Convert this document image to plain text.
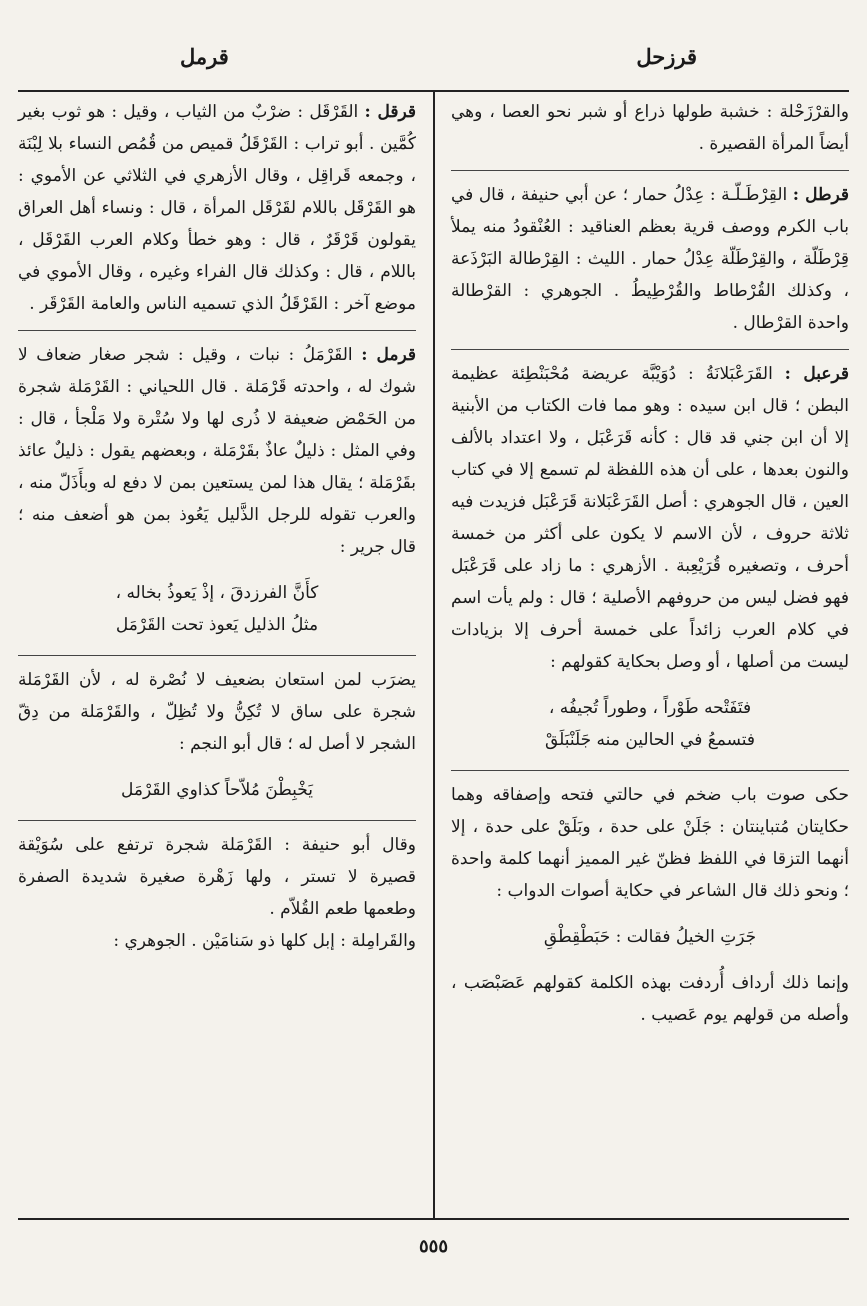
قرزحل
قرمل
والقرْزَحْلة : خشبة طولها ذراع أو شبر نحو العصا ، وهي أيضاً المرأة القصيرة .
قرطل : القِرْطَـلّـة : عِدْلُ حمار ؛ عن أبي حنيفة ، قال في باب الكرم ووصف قرية بعظم العناقيد : العُنْقودُ منه يملأ قِرْطَلّة ، والقِرْطَلّة عِدْلُ حمار . الليث : القِرْطالة البَرْذَعة ، وكذلك القُرْطاط والقُرْطِيطُ . الجوهري : القرْطالة واحدة القرْطال .
قرعبل : القَرَعْبَلانَةُ : دُوَيْبَّة عريضة مُحْبَنْطِئة عظيمة البطن ؛ قال ابن سيده : وهو مما فات الكتاب من الأبنية إلا أن ابن جني قد قال : كأنه قَرَعْبَل ، ولا اعتداد بالألف والنون بعدها ، على أن هذه اللفظة لم تسمع إلا في كتاب العين ، قال الجوهري : أصل القَرَعْبَلانة قَرَعْبَل فزيدت فيه ثلاثة حروف ، لأن الاسم لا يكون على أكثر من خمسة أحرف ، وتصغيره قُرَيْعِبة . الأزهري : ما زاد على قَرَعْبَل فهو فضل ليس من حروفهم الأصلية ؛ قال : ولم يأت اسم في كلام العرب زائداً على خمسة أحرف إلا بزيادات ليست من أصلها ، أو وصل بحكاية كقولهم :
فتَفَتْحه طَوْراً ، وطوراً تُجيفُه ،
فتسمعُ في الحالين منه جَلَنْبَلَقْ
حكى صوت باب ضخم في حالتي فتحه وإصفاقه وهما حكايتان مُتباينتان : جَلَنْ على حدة ، وبَلَقْ على حدة ، إلا أنهما التزقا في اللفظ فظنّ غير المميز أنهما كلمة واحدة ؛ ونحو ذلك قال الشاعر في حكاية أصوات الدواب :
جَرَتِ الخيلُ فقالت : حَبَطْقِطْقِ
وإنما ذلك أرداف أُردفت بهذه الكلمة كقولهم عَصَبْصَب ، وأصله من قولهم يوم عَصيب .
قرقل : القَرْقَل : ضرْبٌ من الثياب ، وقيل : هو ثوب بغير كُمَّين . أبو تراب : القَرْقَلُ قميص من قُمُص النساء بلا لِبْنَة ، وجمعه قَراقِل ، وقال الأزهري في الثلاثي عن الأموي : هو القَرْقَل باللام لقَرْقَل المرأة ، قال : ونساء أهل العراق يقولون قَرْقَرٌ ، قال : وهو خطأ وكلام العرب القَرْقَل ، باللام ، قال : وكذلك قال الفراء وغيره ، وقال الأموي في موضع آخر : القَرْقَلُ الذي تسميه الناس والعامة القَرْقَر .
قرمل : القَرْمَلُ : نبات ، وقيل : شجر صغار ضعاف لا شوك له ، واحدته قَرْمَلة . قال اللحياني : القَرْمَلة شجرة من الحَمْض ضعيفة لا ذُرى لها ولا سُتْرة ولا مَلْجأ ، قال : وفي المثل : ذليلٌ عاذٌ بقَرْمَلة ، وبعضهم يقول : ذليلٌ عائذ بقَرْمَلة ؛ يقال هذا لمن يستعين بمن لا دفع له وبأَذَلّ منه ، والعرب تقوله للرجل الذَّليل يَعُوذ بمن هو أضعف منه ؛ قال جرير :
كأَنَّ الفرزدقَ ، إذْ يَعوذُ بخاله ،
مثلُ الذليل يَعوذ تحت القَرْمَل
يضرَب لمن استعان بضعيف لا نُصْرة له ، لأن القَرْمَلة شجرة على ساق لا تُكِنُّ ولا تُظِلّ ، والقَرْمَلة من دِقّ الشجر لا أصل له ؛ قال أبو النجم :
يَخْبِطْنَ مُلاّحاً كذاوي القَرْمَل
وقال أبو حنيفة : القَرْمَلة شجرة ترتفع على سُوَيْقة قصيرة لا تستر ، ولها زَهْرة صغيرة شديدة الصفرة وطعمها طعم القُلاّم .
والقَرامِلة : إبل كلها ذو سَنامَيْن . الجوهري :
٥٥٥
